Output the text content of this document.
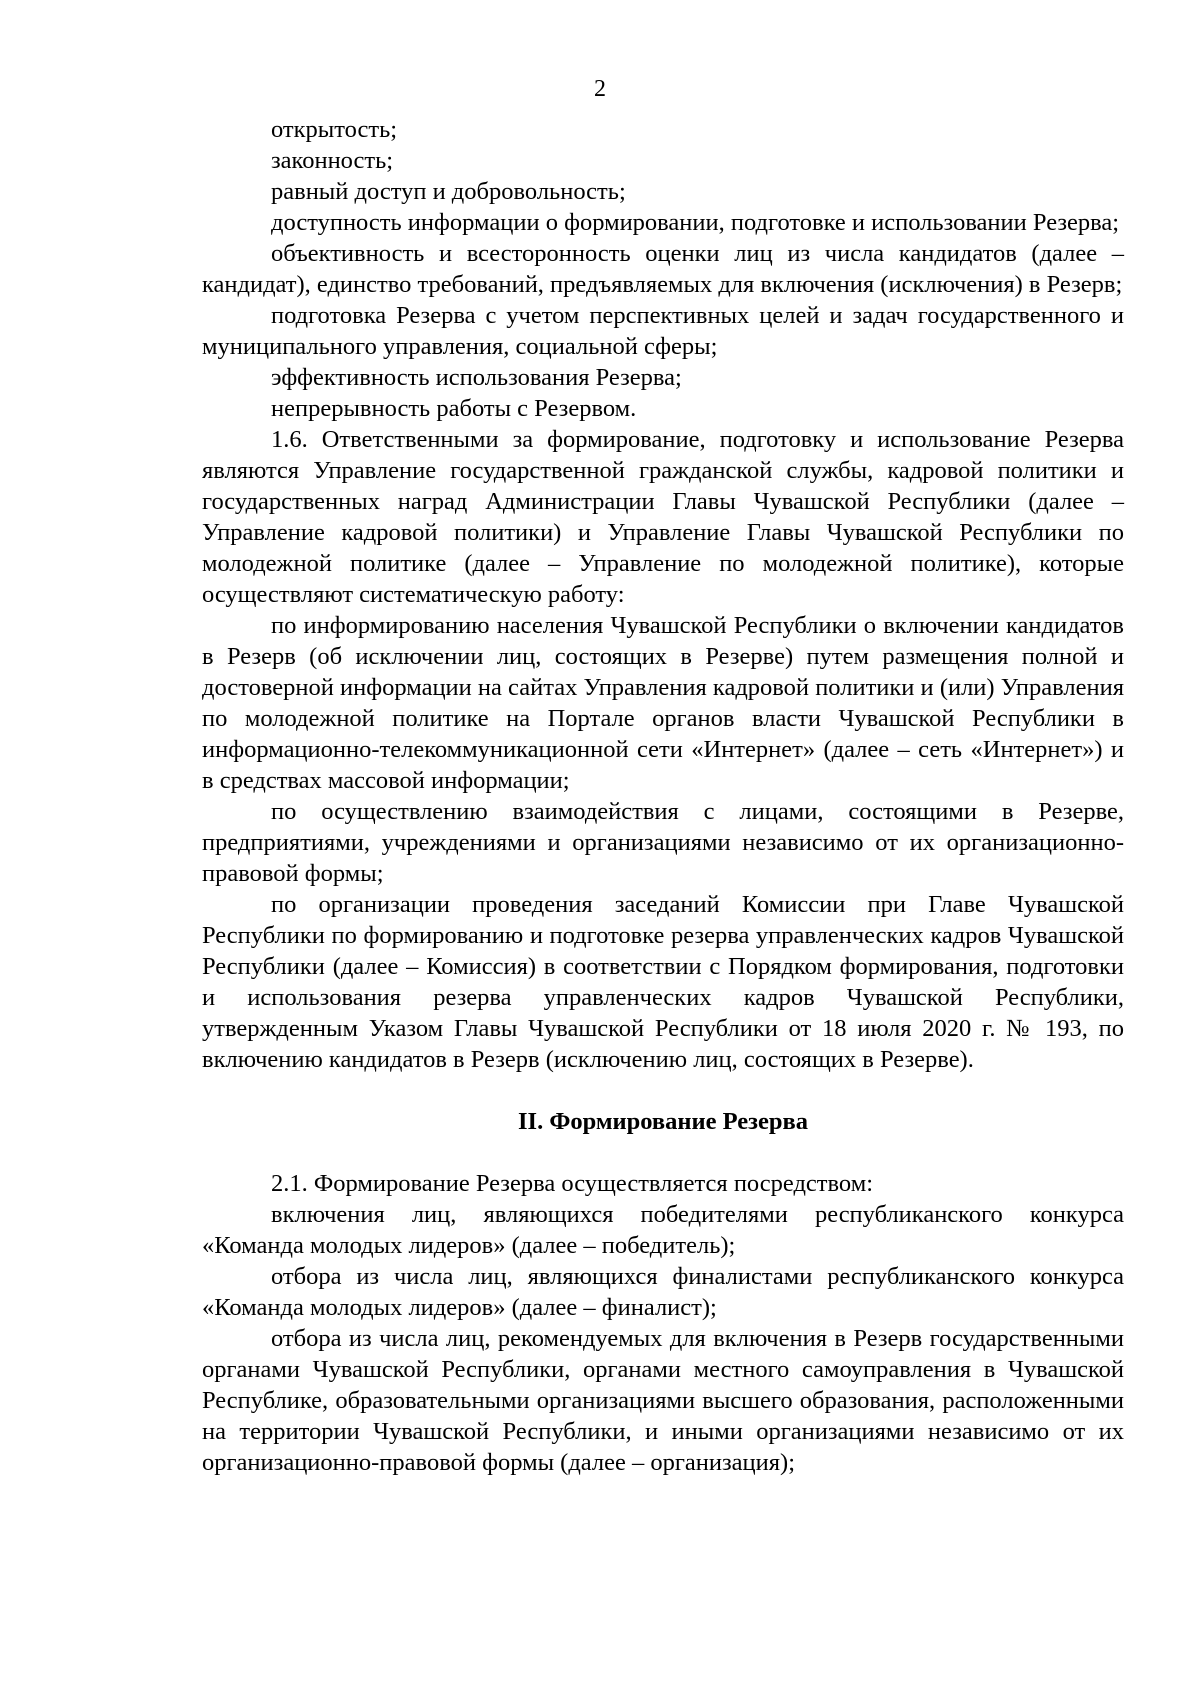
2

открытость;

законность;

равный доступ и добровольность;

доступность информации о формировании, подготовке и использовании Резерва;

объективность и всесторонность оценки лиц из числа кандидатов (далее – кандидат), единство требований, предъявляемых для включения (исключения) в Резерв;

подготовка Резерва с учетом перспективных целей и задач государственного и муниципального управления, социальной сферы;

эффективность использования Резерва;

непрерывность работы с Резервом.

1.6. Ответственными за формирование, подготовку и использование Резерва являются Управление государственной гражданской службы, кадровой политики и государственных наград Администрации Главы Чувашской Республики (далее – Управление кадровой политики) и Управление Главы Чувашской Республики по молодежной политике (далее – Управление по молодежной политике), которые осуществляют систематическую работу:

по информированию населения Чувашской Республики о включении кандидатов в Резерв (об исключении лиц, состоящих в Резерве) путем размещения полной и достоверной информации на сайтах Управления кадровой политики и (или) Управления по молодежной политике на Портале органов власти Чувашской Республики в информационно-телекоммуникационной сети «Интернет» (далее – сеть «Интернет») и в средствах массовой информации;

по осуществлению взаимодействия с лицами, состоящими в Резерве, предприятиями, учреждениями и организациями независимо от их организационно-правовой формы;

по организации проведения заседаний Комиссии при Главе Чувашской Республики по формированию и подготовке резерва управленческих кадров Чувашской Республики (далее – Комиссия) в соответствии с Порядком формирования, подготовки и использования резерва управленческих кадров Чувашской Республики, утвержденным Указом Главы Чувашской Республики от 18 июля 2020 г. № 193, по включению кандидатов в Резерв (исключению лиц, состоящих в Резерве).

II. Формирование Резерва

2.1. Формирование Резерва осуществляется посредством:

включения лиц, являющихся победителями республиканского конкурса «Команда молодых лидеров» (далее – победитель);

отбора из числа лиц, являющихся финалистами республиканского конкурса «Команда молодых лидеров» (далее – финалист);

отбора из числа лиц, рекомендуемых для включения в Резерв государственными органами Чувашской Республики, органами местного самоуправления в Чувашской Республике, образовательными организациями высшего образования, расположенными на территории Чувашской Республики, и иными организациями независимо от их организационно-правовой формы (далее – организация);
